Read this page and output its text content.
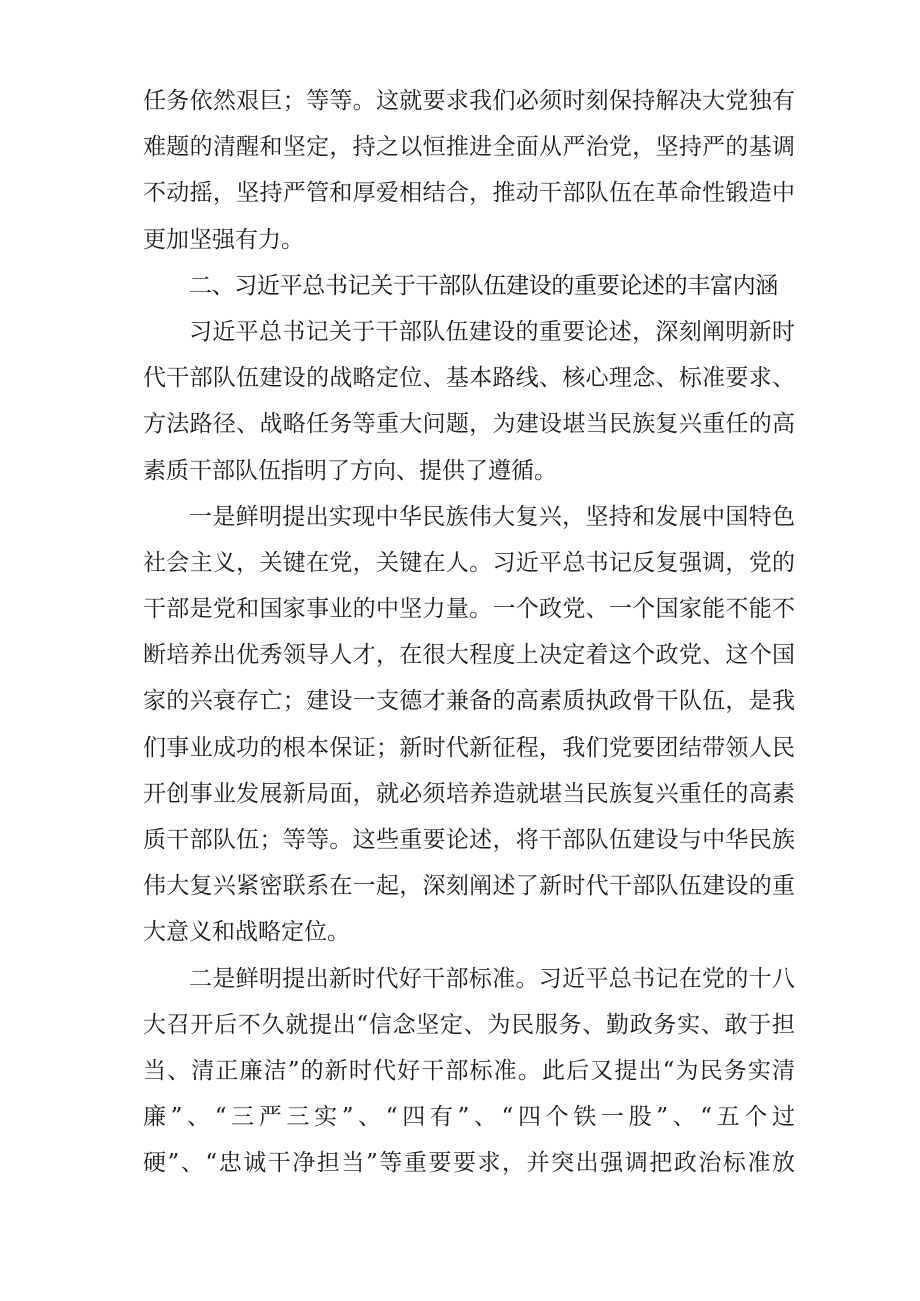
任务依然艰巨；等等。这就要求我们必须时刻保持解决大党独有
难题的清醒和坚定，持之以恒推进全面从严治党，坚持严的基调
不动摇，坚持严管和厚爱相结合，推动干部队伍在革命性锻造中
更加坚强有力。
二、习近平总书记关于干部队伍建设的重要论述的丰富内涵
习近平总书记关于干部队伍建设的重要论述，深刻阐明新时
代干部队伍建设的战略定位、基本路线、核心理念、标准要求、
方法路径、战略任务等重大问题，为建设堪当民族复兴重任的高
素质干部队伍指明了方向、提供了遵循。
一是鲜明提出实现中华民族伟大复兴，坚持和发展中国特色
社会主义，关键在党，关键在人。习近平总书记反复强调，党的
干部是党和国家事业的中坚力量。一个政党、一个国家能不能不
断培养出优秀领导人才，在很大程度上决定着这个政党、这个国
家的兴衰存亡；建设一支德才兼备的高素质执政骨干队伍，是我
们事业成功的根本保证；新时代新征程，我们党要团结带领人民
开创事业发展新局面，就必须培养造就堪当民族复兴重任的高素
质干部队伍；等等。这些重要论述，将干部队伍建设与中华民族
伟大复兴紧密联系在一起，深刻阐述了新时代干部队伍建设的重
大意义和战略定位。
二是鲜明提出新时代好干部标准。习近平总书记在党的十八
大召开后不久就提出“信念坚定、为民服务、勤政务实、敢于担
当、清正廉洁”的新时代好干部标准。此后又提出“为民务实清
廉”、“三严三实”、“四有”、“四个铁一股”、“五个过
硬”、“忠诚干净担当”等重要要求，并突出强调把政治标准放
